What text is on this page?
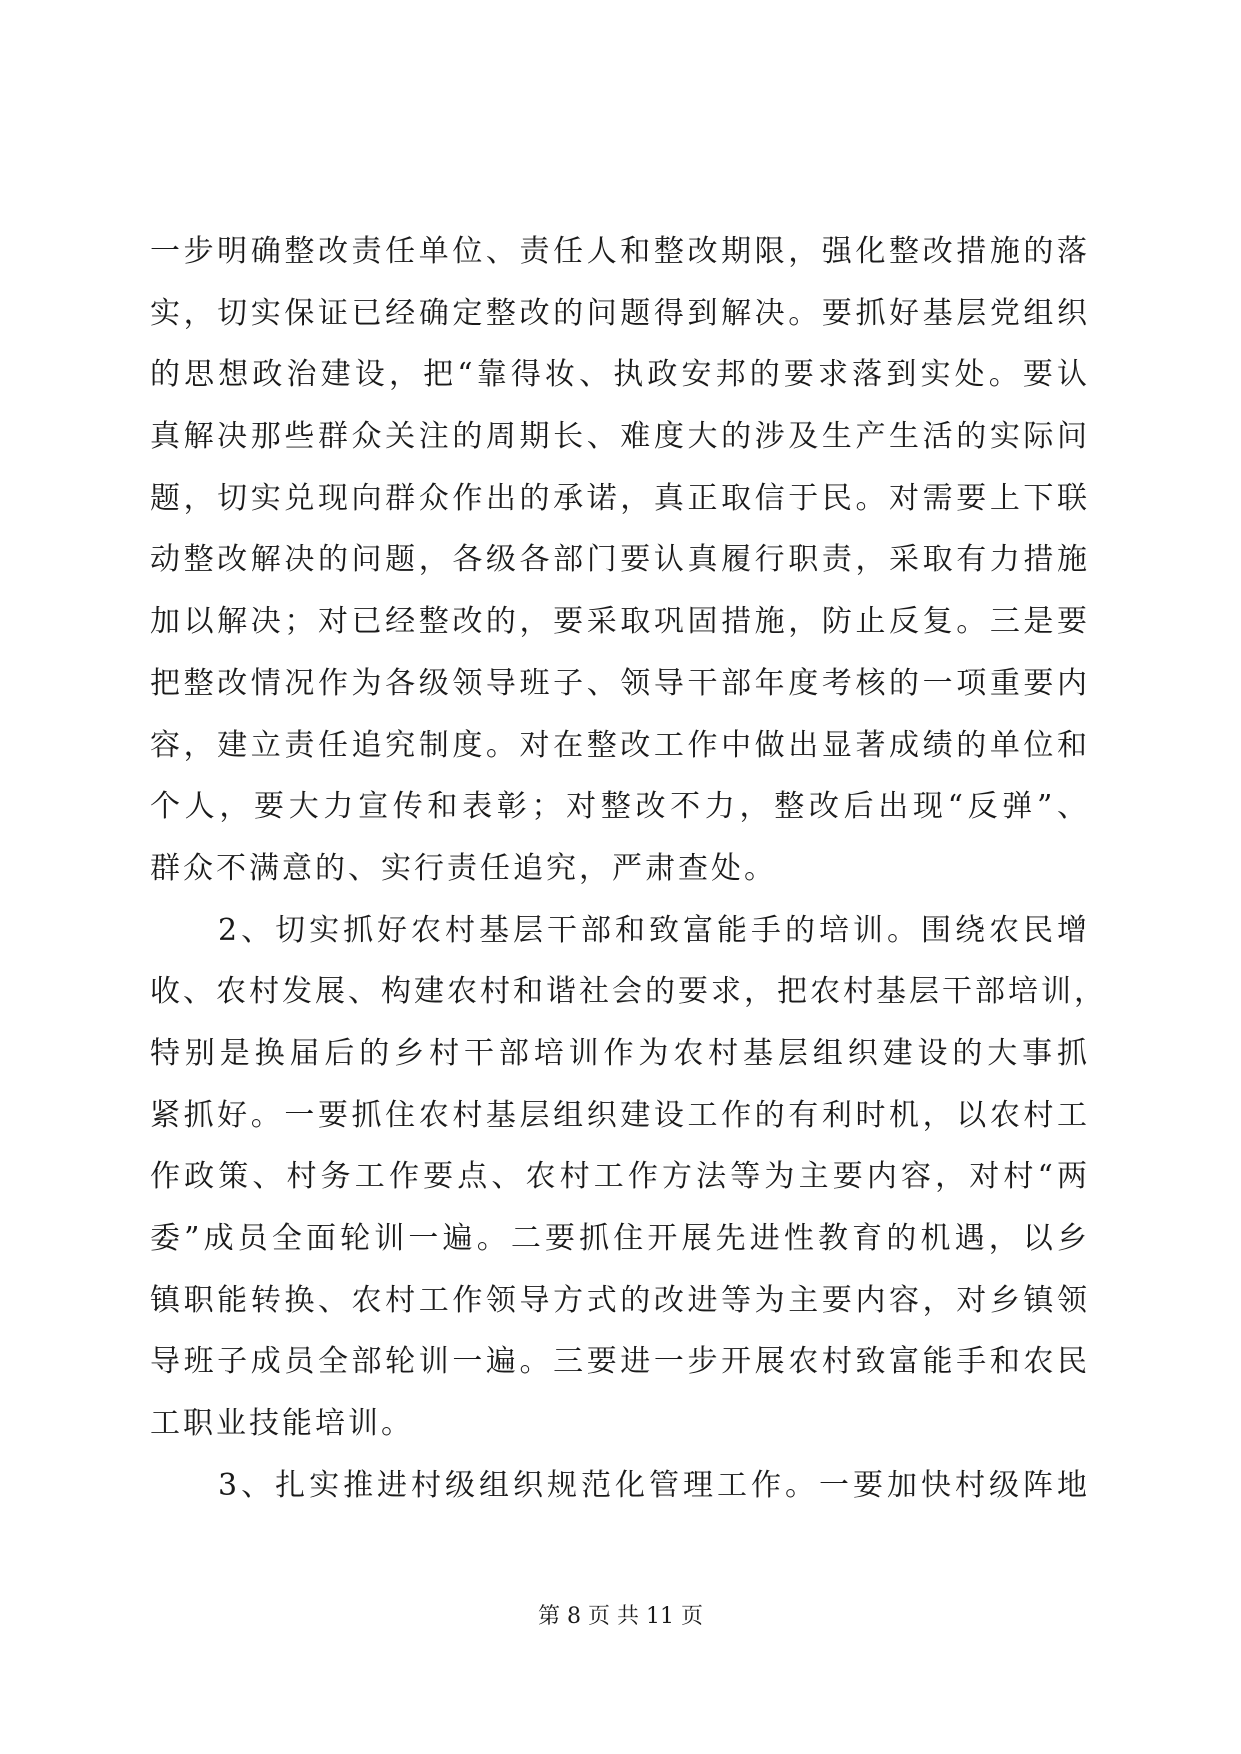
一步明确整改责任单位、责任人和整改期限，强化整改措施的落
实，切实保证已经确定整改的问题得到解决。要抓好基层党组织
的思想政治建设，把“靠得妆、执政安邦的要求落到实处。要认
真解决那些群众关注的周期长、难度大的涉及生产生活的实际问
题，切实兑现向群众作出的承诺，真正取信于民。对需要上下联
动整改解决的问题，各级各部门要认真履行职责，采取有力措施
加以解决；对已经整改的，要采取巩固措施，防止反复。三是要
把整改情况作为各级领导班子、领导干部年度考核的一项重要内
容，建立责任追究制度。对在整改工作中做出显著成绩的单位和
个人，要大力宣传和表彰；对整改不力，整改后出现“反弹”、
群众不满意的、实行责任追究，严肃查处。
　　2、切实抓好农村基层干部和致富能手的培训。围绕农民增
收、农村发展、构建农村和谐社会的要求，把农村基层干部培训，
特别是换届后的乡村干部培训作为农村基层组织建设的大事抓
紧抓好。一要抓住农村基层组织建设工作的有利时机，以农村工
作政策、村务工作要点、农村工作方法等为主要内容，对村“两
委”成员全面轮训一遍。二要抓住开展先进性教育的机遇，以乡
镇职能转换、农村工作领导方式的改进等为主要内容，对乡镇领
导班子成员全部轮训一遍。三要进一步开展农村致富能手和农民
工职业技能培训。
　　3、扎实推进村级组织规范化管理工作。一要加快村级阵地
第 8 页 共 11 页
